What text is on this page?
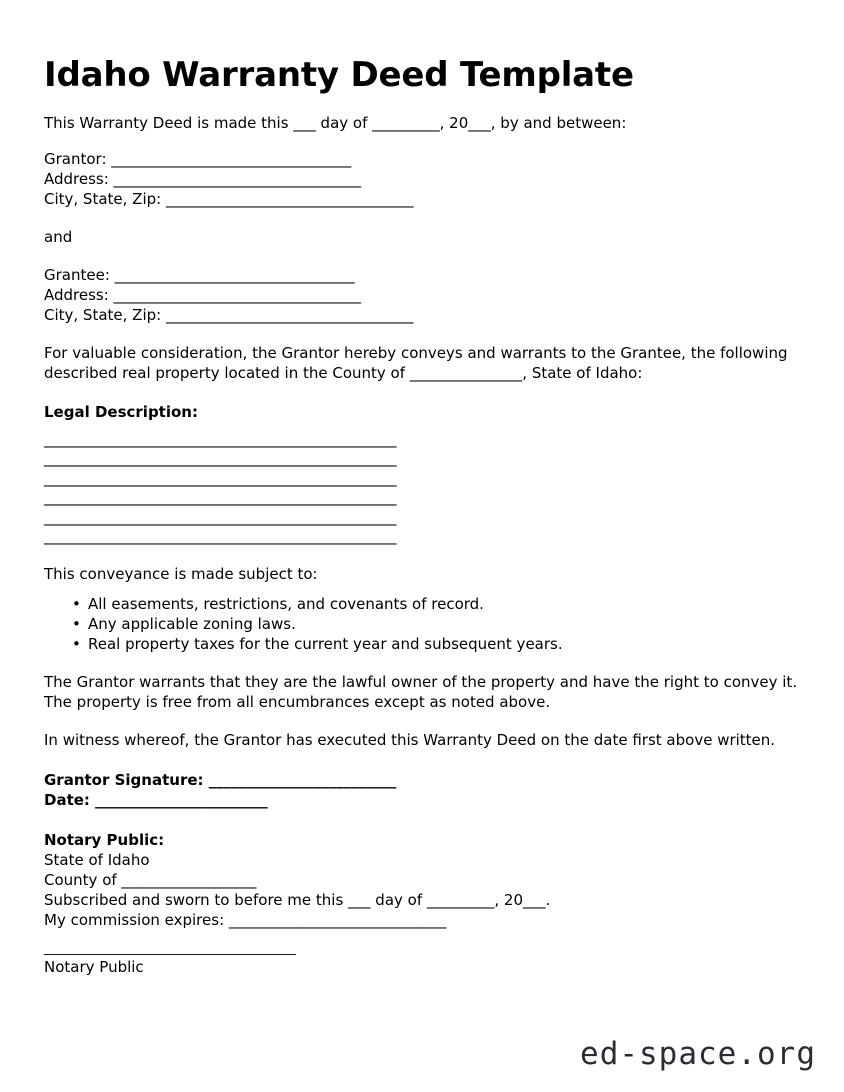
Idaho Warranty Deed Template

This Warranty Deed is made this ___ day of _________, 20___, by and between:

Grantor: ________________________________
Address: _________________________________
City, State, Zip: _________________________________
and
Grantee: ________________________________
Address: _________________________________
City, State, Zip: _________________________________

For valuable consideration, the Grantor hereby conveys and warrants to the Grantee, the following described real property located in the County of _______________, State of Idaho:

Legal Description:
_______________________________________________
_______________________________________________
_______________________________________________
_______________________________________________
_______________________________________________
_______________________________________________

This conveyance is made subject to:

• All easements, restrictions, and covenants of record.
• Any applicable zoning laws.
• Real property taxes for the current year and subsequent years.

The Grantor warrants that they are the lawful owner of the property and have the right to convey it. The property is free from all encumbrances except as noted above.

In witness whereof, the Grantor has executed this Warranty Deed on the date first above written.

Grantor Signature: _________________________
Date: _______________________
Notary Public:
State of Idaho
County of __________________
Subscribed and sworn to before me this ___ day of _________, 20___.
My commission expires: _____________________________
Notary Public
ed-space.org
